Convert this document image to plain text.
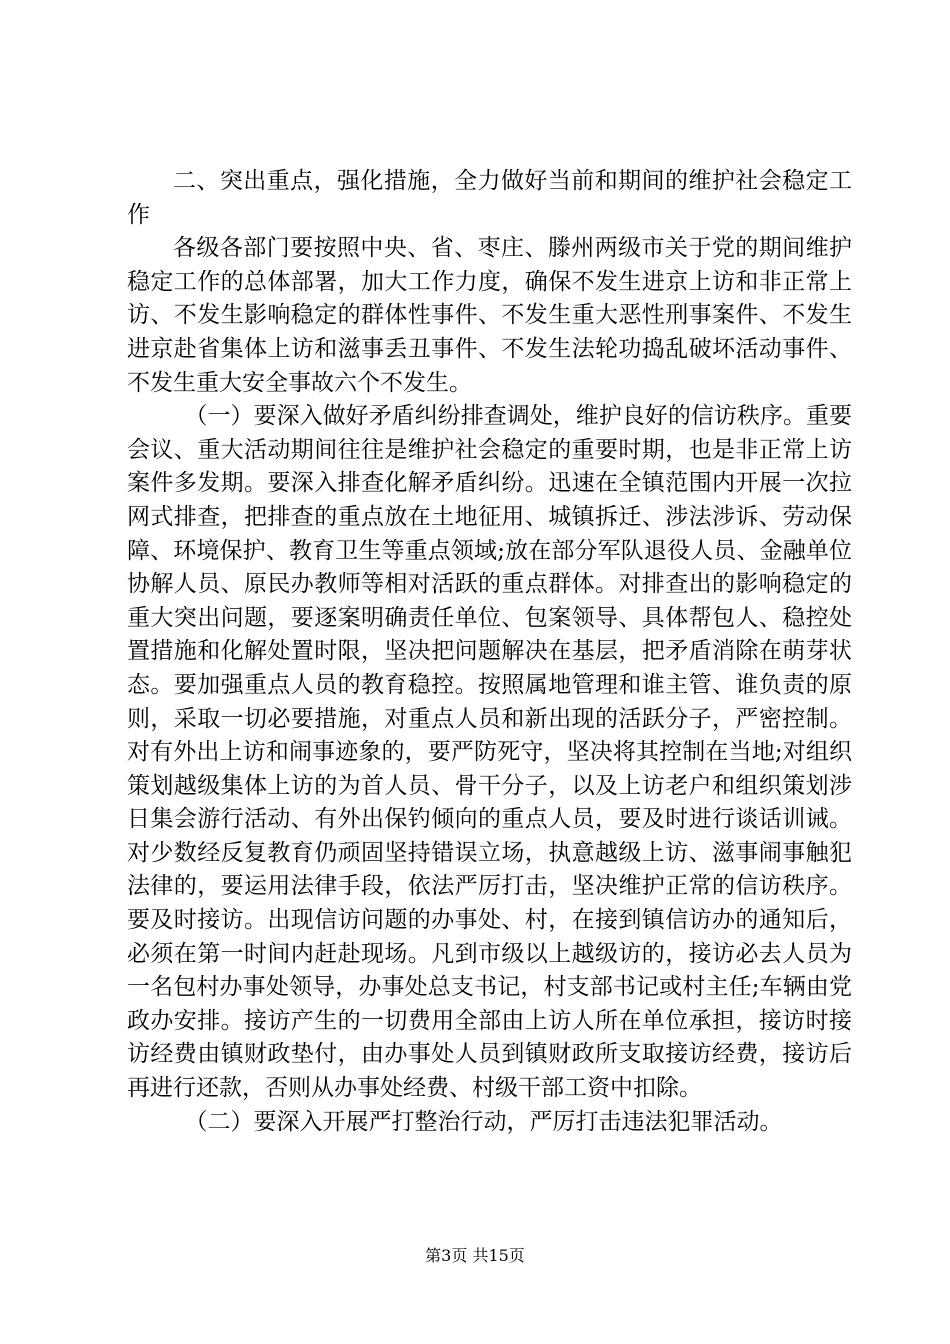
二、突出重点，强化措施，全力做好当前和期间的维护社会稳定工作

各级各部门要按照中央、省、枣庄、滕州两级市关于党的期间维护稳定工作的总体部署，加大工作力度，确保不发生进京上访和非正常上访、不发生影响稳定的群体性事件、不发生重大恶性刑事案件、不发生进京赴省集体上访和滋事丢丑事件、不发生法轮功捣乱破坏活动事件、不发生重大安全事故六个不发生。

（一）要深入做好矛盾纠纷排查调处，维护良好的信访秩序。重要会议、重大活动期间往往是维护社会稳定的重要时期，也是非正常上访案件多发期。要深入排查化解矛盾纠纷。迅速在全镇范围内开展一次拉网式排查，把排查的重点放在土地征用、城镇拆迁、涉法涉诉、劳动保障、环境保护、教育卫生等重点领域;放在部分军队退役人员、金融单位协解人员、原民办教师等相对活跃的重点群体。对排查出的影响稳定的重大突出问题，要逐案明确责任单位、包案领导、具体帮包人、稳控处置措施和化解处置时限，坚决把问题解决在基层，把矛盾消除在萌芽状态。要加强重点人员的教育稳控。按照属地管理和谁主管、谁负责的原则，采取一切必要措施，对重点人员和新出现的活跃分子，严密控制。对有外出上访和闹事迹象的，要严防死守，坚决将其控制在当地;对组织策划越级集体上访的为首人员、骨干分子，以及上访老户和组织策划涉日集会游行活动、有外出保钓倾向的重点人员，要及时进行谈话训诫。对少数经反复教育仍顽固坚持错误立场，执意越级上访、滋事闹事触犯法律的，要运用法律手段，依法严厉打击，坚决维护正常的信访秩序。要及时接访。出现信访问题的办事处、村，在接到镇信访办的通知后，必须在第一时间内赶赴现场。凡到市级以上越级访的，接访必去人员为一名包村办事处领导，办事处总支书记，村支部书记或村主任;车辆由党政办安排。接访产生的一切费用全部由上访人所在单位承担，接访时接访经费由镇财政垫付，由办事处人员到镇财政所支取接访经费，接访后再进行还款，否则从办事处经费、村级干部工资中扣除。

（二）要深入开展严打整治行动，严厉打击违法犯罪活动。

第3页 共15页
